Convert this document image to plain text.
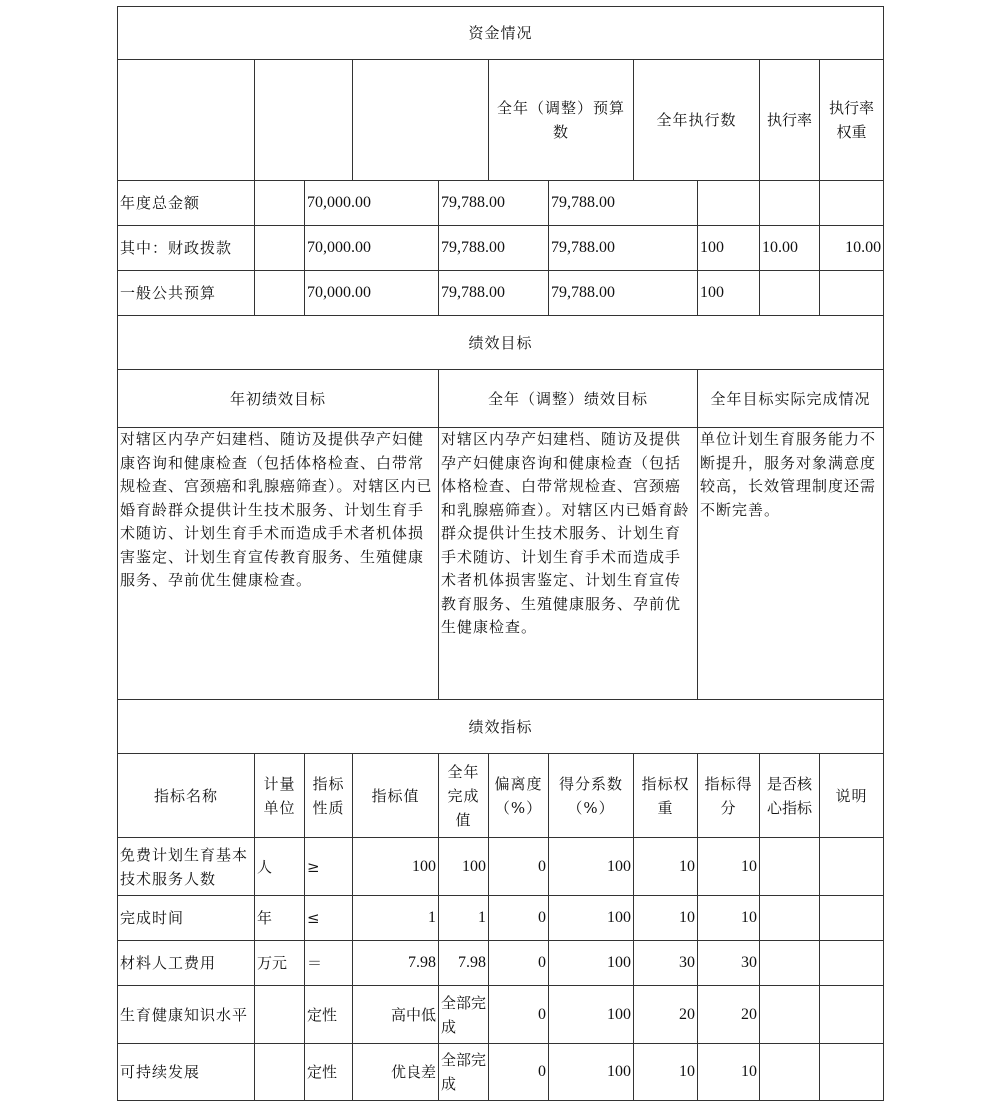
资金情况											
					全年（调整）预算数		全年执行数		执行率	执行率权重	
年度总金额		70,000.00		79,788.00		79,788.00					
其中：财政拨款		70,000.00		79,788.00		79,788.00		100	10.00	10.00	
一般公共预算		70,000.00		79,788.00		79,788.00		100			
绩效目标											
年初绩效目标				全年（调整）绩效目标				全年目标实际完成情况			
对辖区内孕产妇建档、随访及提供孕产妇健康咨询和健康检查（包括体格检查、白带常规检查、宫颈癌和乳腺癌筛查）。对辖区内已婚育龄群众提供计生技术服务、计划生育手术随访、计划生育手术而造成手术者机体损害鉴定、计划生育宣传教育服务、生殖健康服务、孕前优生健康检查。				对辖区内孕产妇建档、随访及提供孕产妇健康咨询和健康检查（包括体格检查、白带常规检查、宫颈癌和乳腺癌筛查）。对辖区内已婚育龄群众提供计生技术服务、计划生育手术随访、计划生育手术而造成手术者机体损害鉴定、计划生育宣传教育服务、生殖健康服务、孕前优生健康检查。				单位计划生育服务能力不断提升，服务对象满意度较高，长效管理制度还需不断完善。			
绩效指标											
指标名称	计量单位	指标性质	指标值	全年完成值	偏离度（%）	得分系数（%）	指标权重	指标得分	是否核心指标	说明	
免费计划生育基本技术服务人数	人	≥	100	100	0	100	10	10			
完成时间	年	≤	1	1	0	100	10	10			
材料人工费用	万元	＝	7.98	7.98	0	100	30	30			
生育健康知识水平		定性	高中低	全部完成	0	100	20	20			
可持续发展		定性	优良差	全部完成	0	100	10	10			
